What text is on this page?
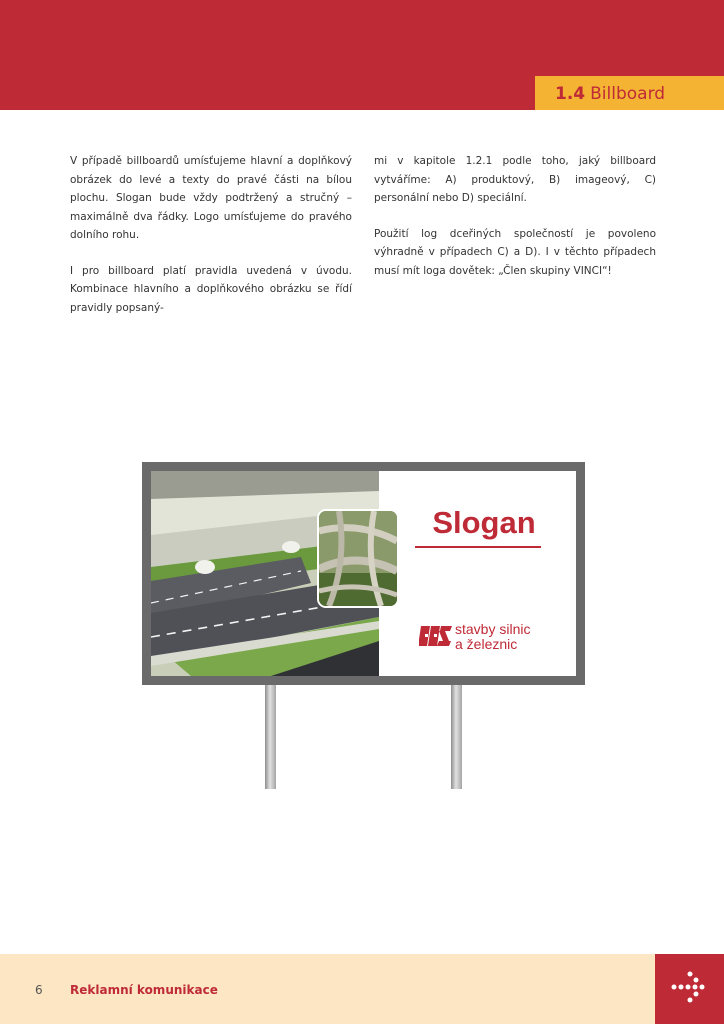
1.4 Billboard

V případě billboardů umísťujeme hlavní a doplňkový obrázek do levé a texty do pravé části na bílou plochu. Slogan bude vždy podtržený a stručný – maximálně dva řádky. Logo umísťujeme do pravého dolního rohu.

I pro billboard platí pravidla uvedená v úvodu. Kombinace hlavního a doplňkového obrázku se řídí pravidly popsaný-

mi v kapitole 1.2.1 podle toho, jaký billboard vytváříme: A) produktový, B) imageový, C) personální nebo D) speciální.

Použití log dceřiných společností je povoleno výhradně v případech C) a D). I v těchto případech musí mít loga dovětek: „Člen skupiny VINCI“!

Slogan
stavby silnic
a železnic
6 Reklamní komunikace
